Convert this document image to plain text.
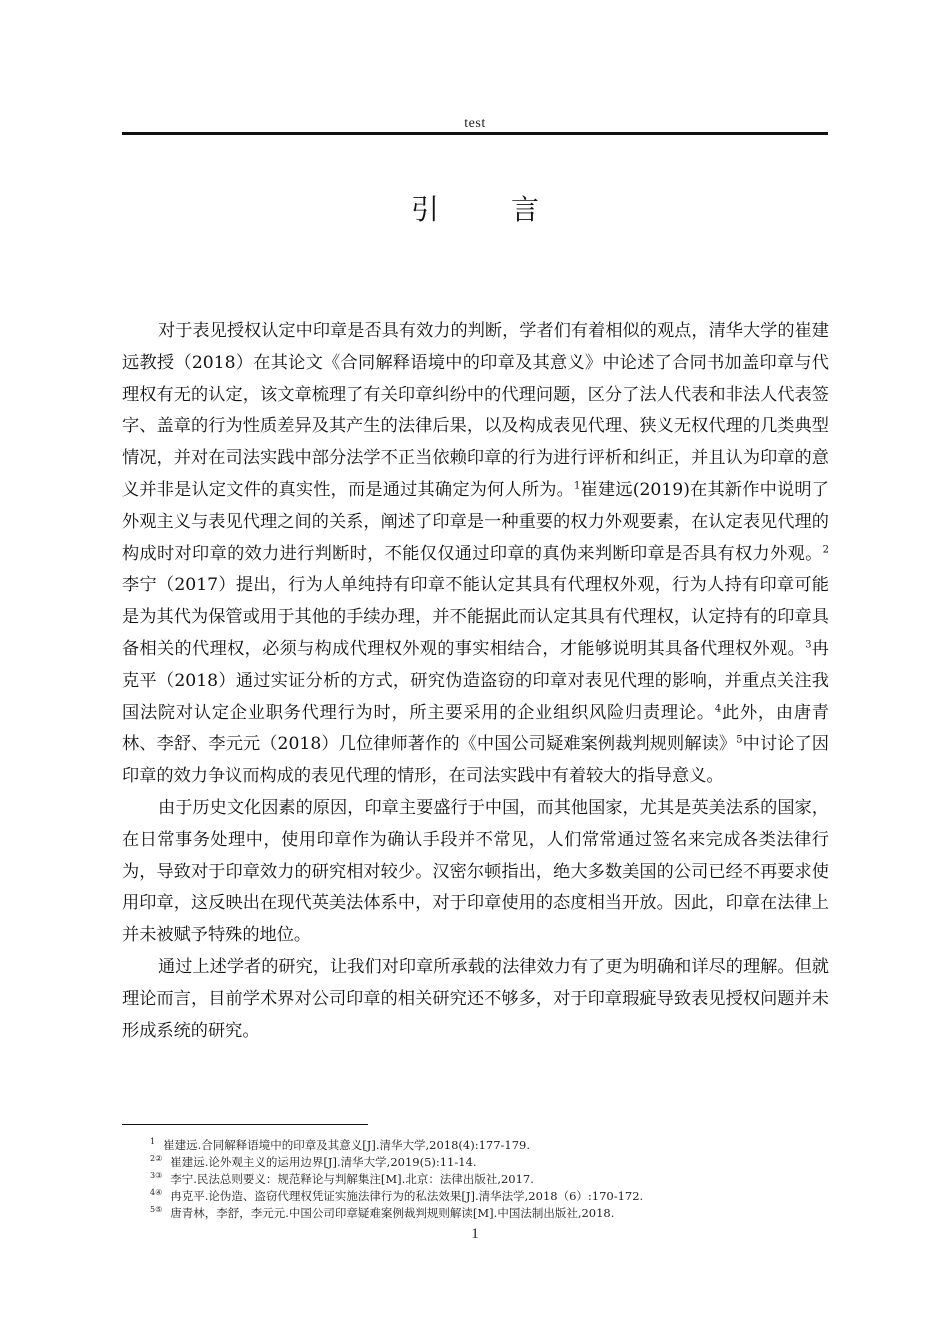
test
引　言

对于表见授权认定中印章是否具有效力的判断，学者们有着相似的观点，清华大学的崔建远教授（2018）在其论文《合同解释语境中的印章及其意义》中论述了合同书加盖印章与代理权有无的认定，该文章梳理了有关印章纠纷中的代理问题，区分了法人代表和非法人代表签字、盖章的行为性质差异及其产生的法律后果，以及构成表见代理、狭义无权代理的几类典型情况，并对在司法实践中部分法学不正当依赖印章的行为进行评析和纠正，并且认为印章的意义并非是认定文件的真实性，而是通过其确定为何人所为。$^1$崔建远(2019)在其新作中说明了外观主义与表见代理之间的关系，阐述了印章是一种重要的权力外观要素，在认定表见代理的构成时对印章的效力进行判断时，不能仅仅通过印章的真伪来判断印章是否具有权力外观。$^2$李宁（2017）提出，行为人单纯持有印章不能认定其具有代理权外观，行为人持有印章可能是为其代为保管或用于其他的手续办理，并不能据此而认定其具有代理权，认定持有的印章具备相关的代理权，必须与构成代理权外观的事实相结合，才能够说明其具备代理权外观。$^3$冉克平（2018）通过实证分析的方式，研究伪造盗窃的印章对表见代理的影响，并重点关注我国法院对认定企业职务代理行为时，所主要采用的企业组织风险归责理论。$^4$此外，由唐青林、李舒、李元元（2018）几位律师著作的《中国公司疑难案例裁判规则解读》$^5$中讨论了因印章的效力争议而构成的表见代理的情形，在司法实践中有着较大的指导意义。

由于历史文化因素的原因，印章主要盛行于中国，而其他国家，尤其是英美法系的国家，在日常事务处理中，使用印章作为确认手段并不常见，人们常常通过签名来完成各类法律行为，导致对于印章效力的研究相对较少。汉密尔顿指出，绝大多数美国的公司已经不再要求使用印章，这反映出在现代英美法体系中，对于印章使用的态度相当开放。因此，印章在法律上并未被赋予特殊的地位。

通过上述学者的研究，让我们对印章所承载的法律效力有了更为明确和详尽的理解。但就理论而言，目前学术界对公司印章的相关研究还不够多，对于印章瑕疵导致表见授权问题并未形成系统的研究。

1 崔建远.合同解释语境中的印章及其意义[J].清华大学,2018(4):177-179.
2② 崔建远.论外观主义的运用边界[J].清华大学,2019(5):11-14.
3③ 李宁.民法总则要义：规范释论与判解集注[M].北京：法律出版社,2017.
4④ 冉克平.论伪造、盗窃代理权凭证实施法律行为的私法效果[J].清华法学,2018（6）:170-172.
5⑤ 唐青林，李舒，李元元.中国公司印章疑难案例裁判规则解读[M].中国法制出版社,2018.
1
